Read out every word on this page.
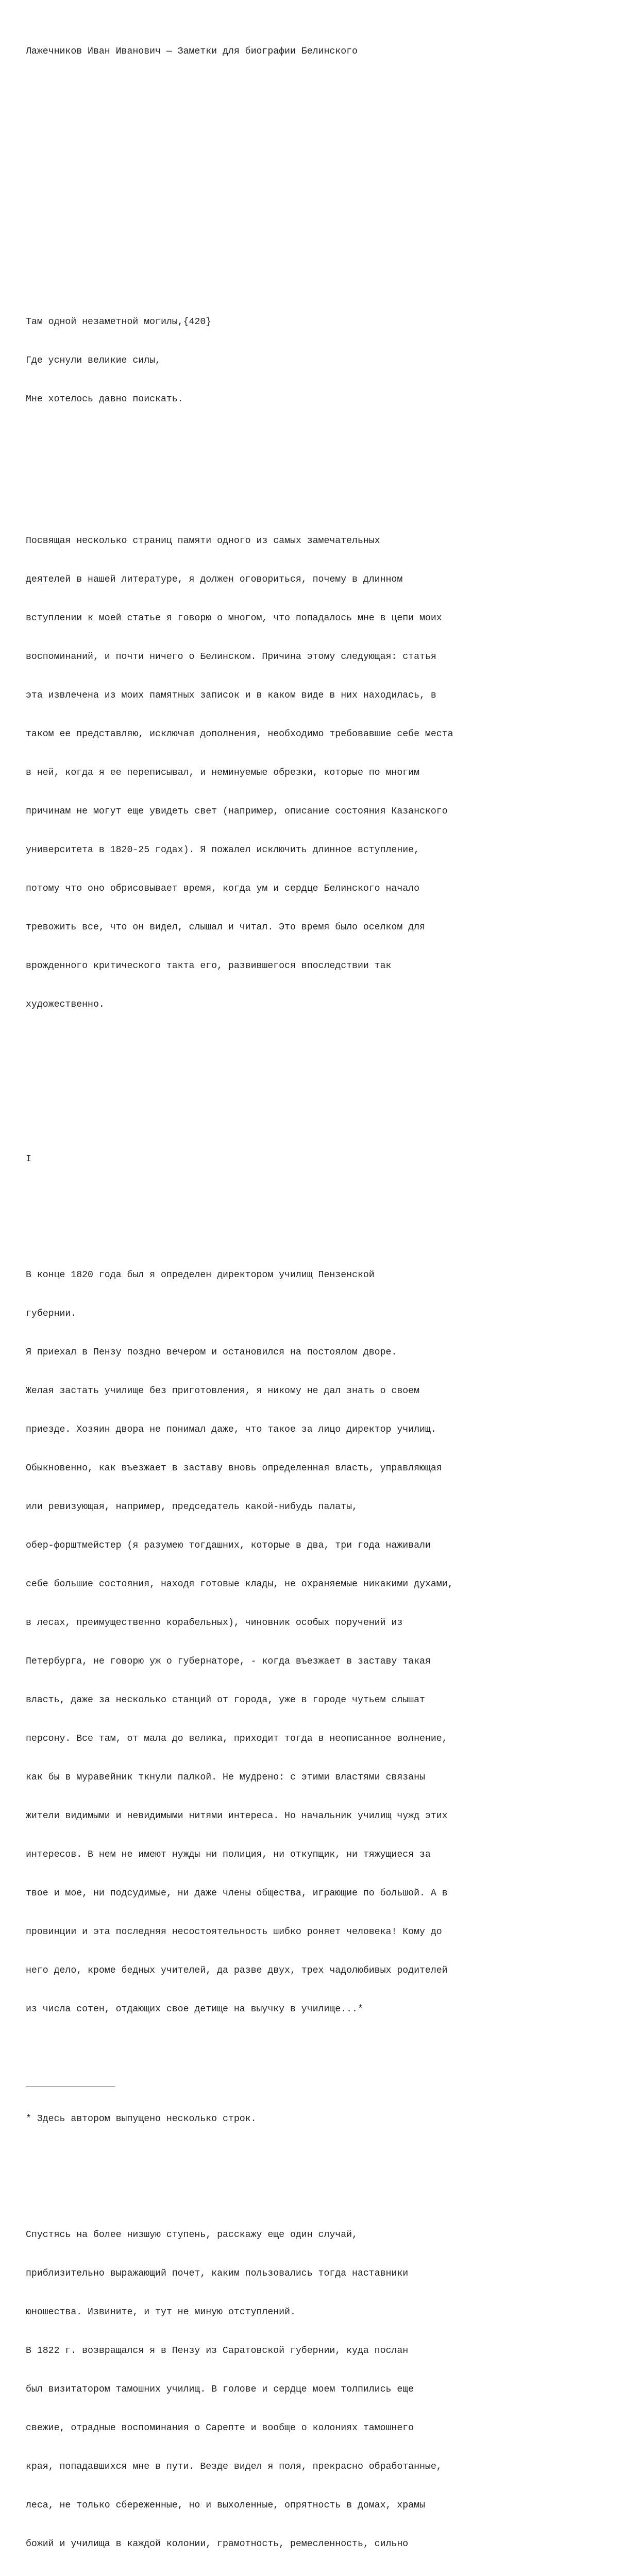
Лажечников Иван Иванович — Заметки для биографии Белинского

Там одной незаметной могилы,{420}

Где уснули великие силы,

Мне хотелось давно поискать.

Посвящая несколько страниц памяти одного из самых замечательных

деятелей в нашей литературе, я должен оговориться, почему в длинном

вступлении к моей статье я говорю о многом, что попадалось мне в цепи моих

воспоминаний, и почти ничего о Белинском. Причина этому следующая: статья

эта извлечена из моих памятных записок и в каком виде в них находилась, в

таком ее представляю, исключая дополнения, необходимо требовавшие себе места

в ней, когда я ее переписывал, и неминуемые обрезки, которые по многим

причинам не могут еще увидеть свет (например, описание состояния Казанского

университета в 1820-25 годах). Я пожалел исключить длинное вступление,

потому что оно обрисовывает время, когда ум и сердце Белинского начало

тревожить все, что он видел, слышал и читал. Это время было оселком для

врожденного критического такта его, развившегося впоследствии так

художественно.

I

В конце 1820 года был я определен директором училищ Пензенской

губернии.

Я приехал в Пензу поздно вечером и остановился на постоялом дворе.

Желая застать училище без приготовления, я никому не дал знать о своем

приезде. Хозяин двора не понимал даже, что такое за лицо директор училищ.

Обыкновенно, как въезжает в заставу вновь определенная власть, управляющая

или ревизующая, например, председатель какой-нибудь палаты,

обер-форштмейстер (я разумею тогдашних, которые в два, три года наживали

себе большие состояния, находя готовые клады, не охраняемые никакими духами,

в лесах, преимущественно корабельных), чиновник особых поручений из

Петербурга, не говорю уж о губернаторе, - когда въезжает в заставу такая

власть, даже за несколько станций от города, уже в городе чутьем слышат

персону. Все там, от мала до велика, приходит тогда в неописанное волнение,

как бы в муравейник ткнули палкой. Не мудрено: с этими властями связаны

жители видимыми и невидимыми нитями интереса. Но начальник училищ чужд этих

интересов. В нем не имеют нужды ни полиция, ни откупщик, ни тяжущиеся за

твое и мое, ни подсудимые, ни даже члены общества, играющие по большой. А в

провинции и эта последняя несостоятельность шибко роняет человека! Кому до

него дело, кроме бедных учителей, да разве двух, трех чадолюбивых родителей

из числа сотен, отдающих свое детище на выучку в училище...*

* Здесь автором выпущено несколько строк.

Спустясь на более низшую ступень, расскажу еще один случай,

приблизительно выражающий почет, каким пользовались тогда наставники

юношества. Извините, и тут не миную отступлений.

В 1822 г. возвращался я в Пензу из Саратовской губернии, куда послан

был визитатором тамошних училищ. В голове и сердце моем толпились еще

свежие, отрадные воспоминания о Сарепте и вообще о колониях тамошнего

края, попадавшихся мне в пути. Везде видел я поля, прекрасно обработанные,

леса, не только сбереженные, но и выхоленные, опрятность в домах, храмы

божий и училища в каждой колонии, грамотность, ремесленность, сильно
